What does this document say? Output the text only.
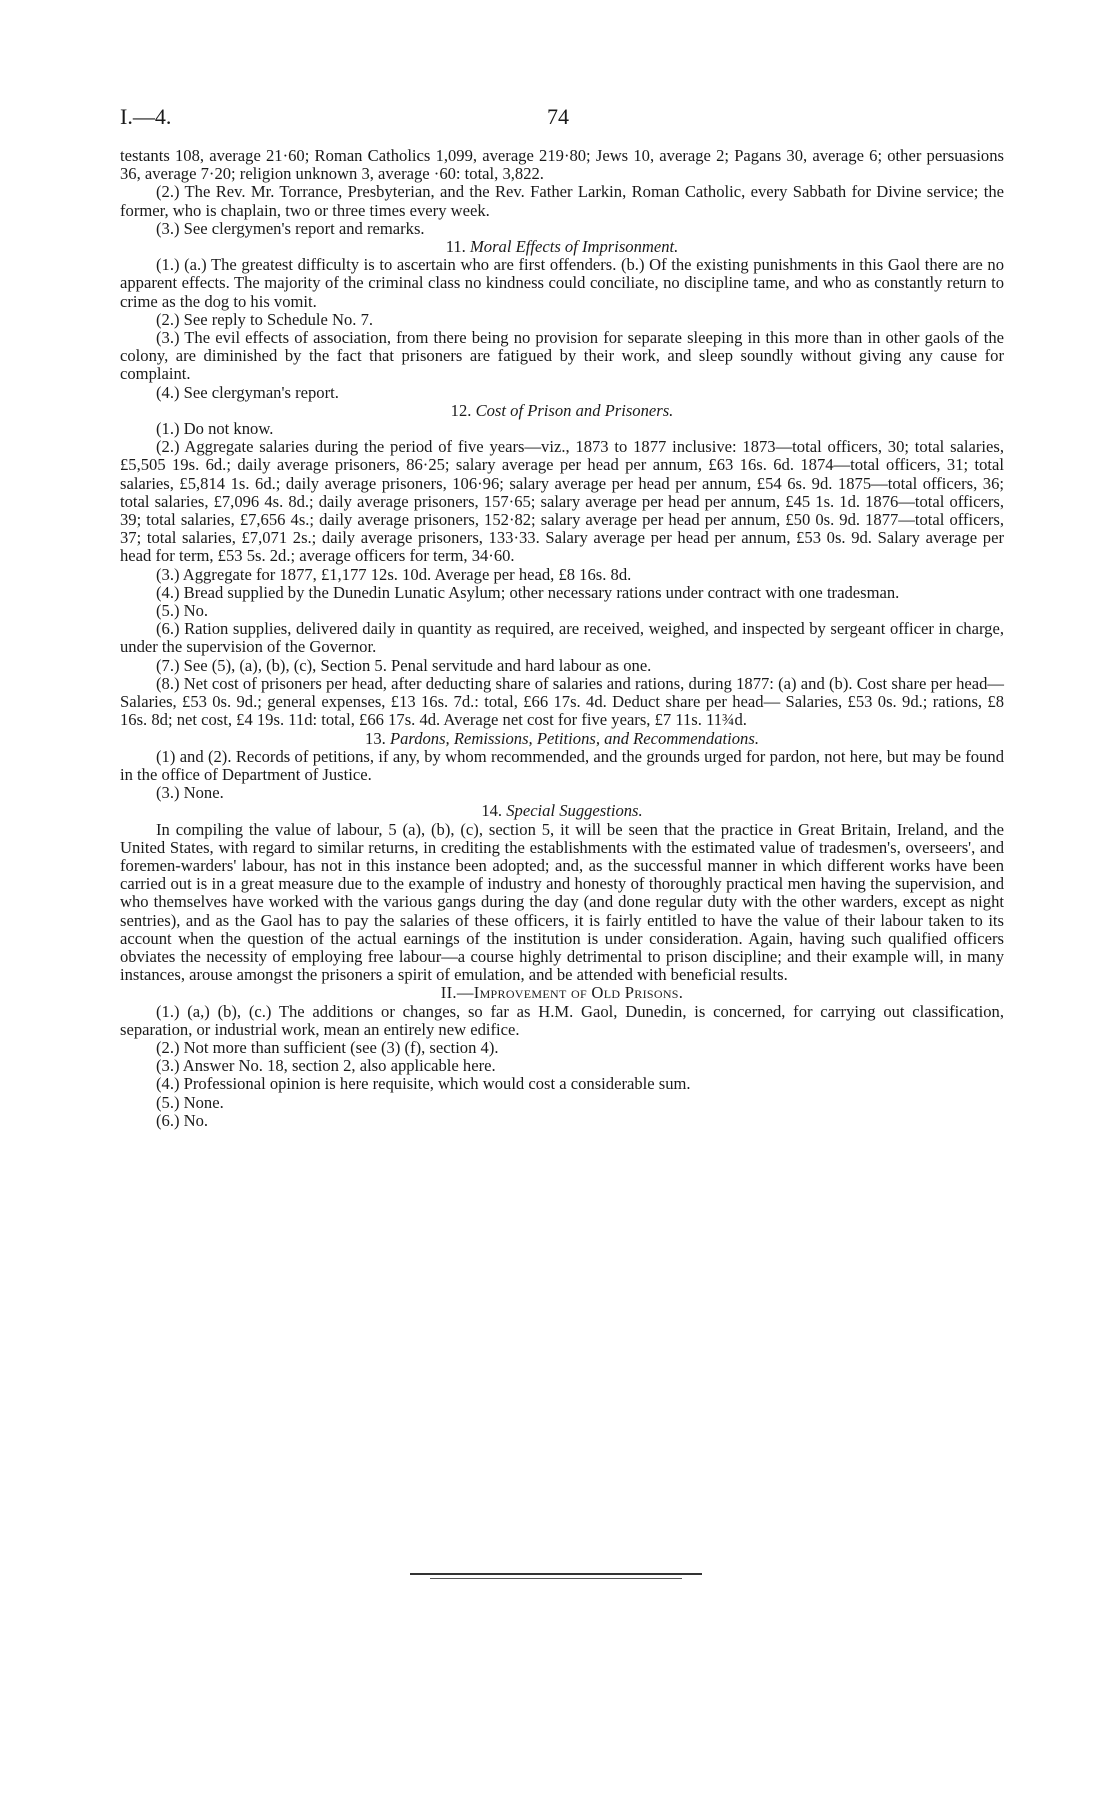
I.—4.	74

testants 108, average 21·60; Roman Catholics 1,099, average 219·80; Jews 10, average 2; Pagans 30, average 6; other persuasions 36, average 7·20; religion unknown 3, average ·60: total, 3,822.

(2.) The Rev. Mr. Torrance, Presbyterian, and the Rev. Father Larkin, Roman Catholic, every Sabbath for Divine service; the former, who is chaplain, two or three times every week.

(3.) See clergymen's report and remarks.

11. Moral Effects of Imprisonment.

(1.) (a.) The greatest difficulty is to ascertain who are first offenders. (b.) Of the existing punishments in this Gaol there are no apparent effects. The majority of the criminal class no kindness could conciliate, no discipline tame, and who as constantly return to crime as the dog to his vomit.

(2.) See reply to Schedule No. 7.

(3.) The evil effects of association, from there being no provision for separate sleeping in this more than in other gaols of the colony, are diminished by the fact that prisoners are fatigued by their work, and sleep soundly without giving any cause for complaint.

(4.) See clergyman's report.

12. Cost of Prison and Prisoners.

(1.) Do not know.

(2.) Aggregate salaries during the period of five years—viz., 1873 to 1877 inclusive: 1873—total officers, 30; total salaries, £5,505 19s. 6d.; daily average prisoners, 86·25; salary average per head per annum, £63 16s. 6d. 1874—total officers, 31; total salaries, £5,814 1s. 6d.; daily average prisoners, 106·96; salary average per head per annum, £54 6s. 9d. 1875—total officers, 36; total salaries, £7,096 4s. 8d.; daily average prisoners, 157·65; salary average per head per annum, £45 1s. 1d. 1876—total officers, 39; total salaries, £7,656 4s.; daily average prisoners, 152·82; salary average per head per annum, £50 0s. 9d. 1877—total officers, 37; total salaries, £7,071 2s.; daily average prisoners, 133·33. Salary average per head per annum, £53 0s. 9d. Salary average per head for term, £53 5s. 2d.; average officers for term, 34·60.

(3.) Aggregate for 1877, £1,177 12s. 10d. Average per head, £8 16s. 8d.

(4.) Bread supplied by the Dunedin Lunatic Asylum; other necessary rations under contract with one tradesman.

(5.) No.

(6.) Ration supplies, delivered daily in quantity as required, are received, weighed, and inspected by sergeant officer in charge, under the supervision of the Governor.

(7.) See (5), (a), (b), (c), Section 5. Penal servitude and hard labour as one.

(8.) Net cost of prisoners per head, after deducting share of salaries and rations, during 1877: (a) and (b). Cost share per head—Salaries, £53 0s. 9d.; general expenses, £13 16s. 7d.: total, £66 17s. 4d. Deduct share per head— Salaries, £53 0s. 9d.; rations, £8 16s. 8d; net cost, £4 19s. 11d: total, £66 17s. 4d. Average net cost for five years, £7 11s. 11¾d.

13. Pardons, Remissions, Petitions, and Recommendations.

(1) and (2). Records of petitions, if any, by whom recommended, and the grounds urged for pardon, not here, but may be found in the office of Department of Justice.

(3.) None.

14. Special Suggestions.

In compiling the value of labour, 5 (a), (b), (c), section 5, it will be seen that the practice in Great Britain, Ireland, and the United States, with regard to similar returns, in crediting the establishments with the estimated value of tradesmen's, overseers', and foremen-warders' labour, has not in this instance been adopted; and, as the successful manner in which different works have been carried out is in a great measure due to the example of industry and honesty of thoroughly practical men having the supervision, and who themselves have worked with the various gangs during the day (and done regular duty with the other warders, except as night sentries), and as the Gaol has to pay the salaries of these officers, it is fairly entitled to have the value of their labour taken to its account when the question of the actual earnings of the institution is under consideration. Again, having such qualified officers obviates the necessity of employing free labour—a course highly detrimental to prison discipline; and their example will, in many instances, arouse amongst the prisoners a spirit of emulation, and be attended with beneficial results.

II.—Improvement of Old Prisons.

(1.) (a,) (b), (c.) The additions or changes, so far as H.M. Gaol, Dunedin, is concerned, for carrying out classification, separation, or industrial work, mean an entirely new edifice.

(2.) Not more than sufficient (see (3) (f), section 4).

(3.) Answer No. 18, section 2, also applicable here.

(4.) Professional opinion is here requisite, which would cost a considerable sum.

(5.) None.

(6.) No.
